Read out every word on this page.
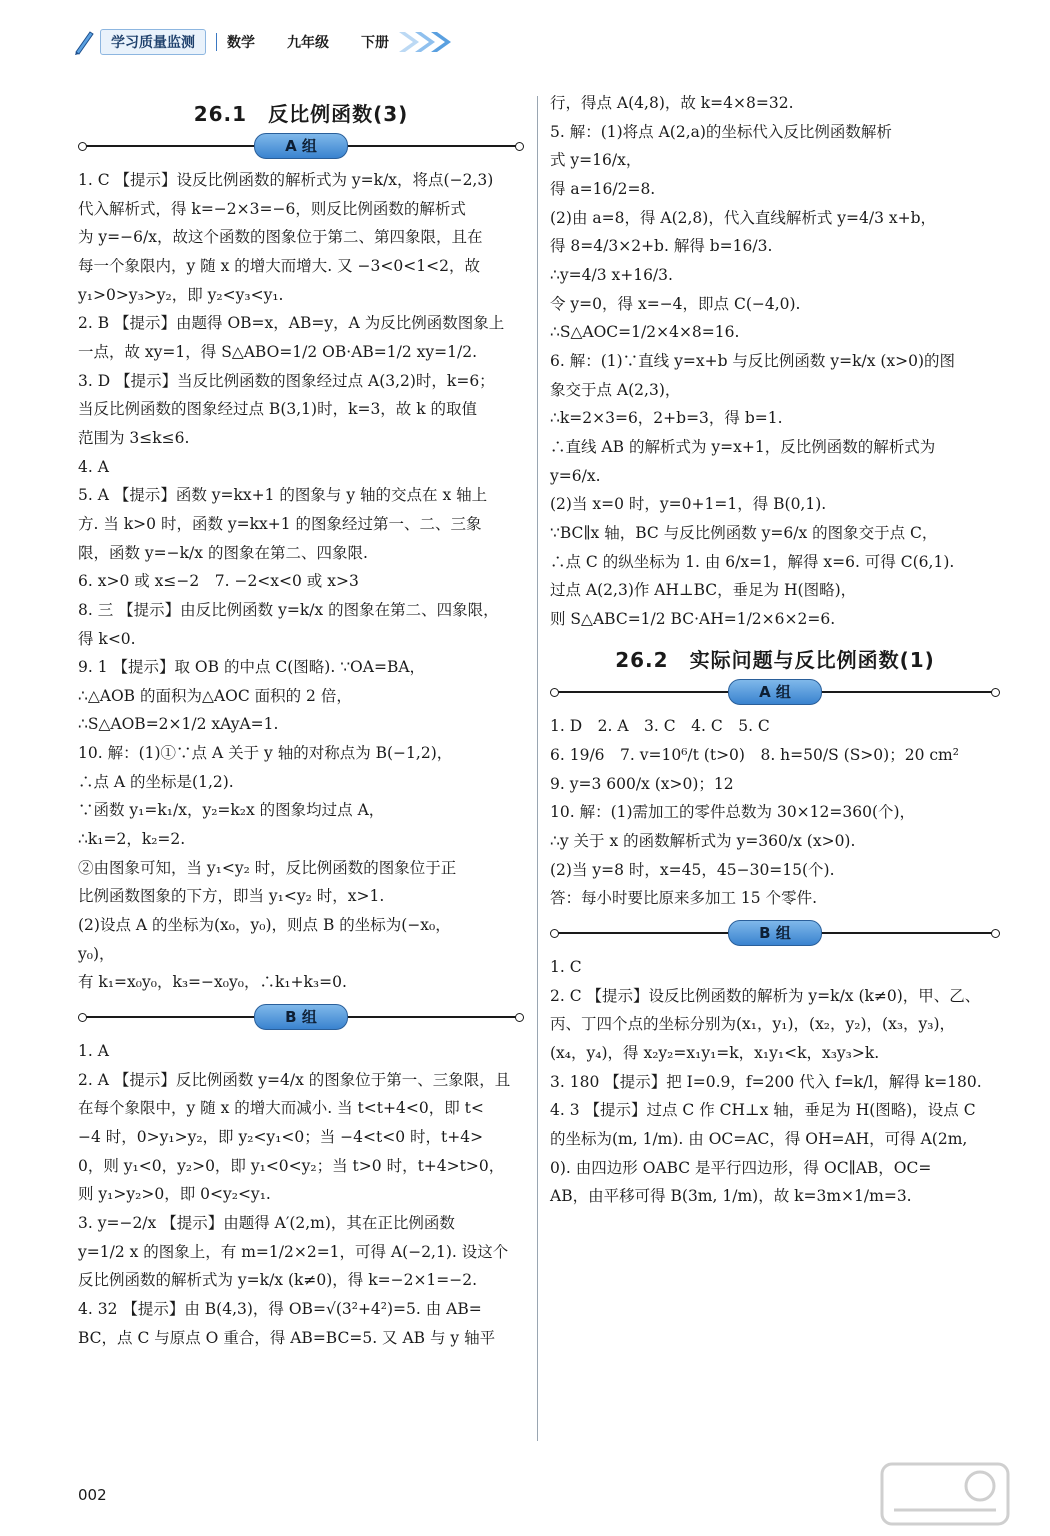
学习质量监测	数学 九年级 下册
26.1　反比例函数(3)
A 组
1. C 【提示】设反比例函数的解析式为 y=k/x，将点(−2,3)
代入解析式，得 k=−2×3=−6，则反比例函数的解析式
为 y=−6/x，故这个函数的图象位于第二、第四象限，且在
每一个象限内，y 随 x 的增大而增大. 又 −3<0<1<2，故
y₁>0>y₃>y₂，即 y₂<y₃<y₁.
2. B 【提示】由题得 OB=x，AB=y，A 为反比例函数图象上
一点，故 xy=1，得 S△ABO=1/2 OB·AB=1/2 xy=1/2.
3. D 【提示】当反比例函数的图象经过点 A(3,2)时，k=6；
当反比例函数的图象经过点 B(3,1)时，k=3，故 k 的取值
范围为 3≤k≤6.
4. A
5. A 【提示】函数 y=kx+1 的图象与 y 轴的交点在 x 轴上
方. 当 k>0 时，函数 y=kx+1 的图象经过第一、二、三象
限，函数 y=−k/x 的图象在第二、四象限.
6. x>0 或 x≤−2　7. −2<x<0 或 x>3
8. 三 【提示】由反比例函数 y=k/x 的图象在第二、四象限，
得 k<0.
9. 1 【提示】取 OB 的中点 C(图略). ∵OA=BA，
∴△AOB 的面积为△AOC 面积的 2 倍，
∴S△AOB=2×1/2 xAyA=1.
10. 解：(1)①∵点 A 关于 y 轴的对称点为 B(−1,2)，
∴点 A 的坐标是(1,2).
∵函数 y₁=k₁/x，y₂=k₂x 的图象均过点 A，
∴k₁=2，k₂=2.
②由图象可知，当 y₁<y₂ 时，反比例函数的图象位于正
比例函数图象的下方，即当 y₁<y₂ 时，x>1.
(2)设点 A 的坐标为(x₀，y₀)，则点 B 的坐标为(−x₀，
y₀)，
有 k₁=x₀y₀，k₃=−x₀y₀，∴k₁+k₃=0.
B 组
1. A
2. A 【提示】反比例函数 y=4/x 的图象位于第一、三象限，且
在每个象限中，y 随 x 的增大而减小. 当 t<t+4<0，即 t<
−4 时，0>y₁>y₂，即 y₂<y₁<0；当 −4<t<0 时，t+4>
0，则 y₁<0，y₂>0，即 y₁<0<y₂；当 t>0 时，t+4>t>0，
则 y₁>y₂>0，即 0<y₂<y₁.
3. y=−2/x 【提示】由题得 A′(2,m)，其在正比例函数
y=1/2 x 的图象上，有 m=1/2×2=1，可得 A(−2,1). 设这个
反比例函数的解析式为 y=k/x (k≠0)，得 k=−2×1=−2.
4. 32 【提示】由 B(4,3)，得 OB=√(3²+4²)=5. 由 AB=
BC，点 C 与原点 O 重合，得 AB=BC=5. 又 AB 与 y 轴平
行，得点 A(4,8)，故 k=4×8=32.
5. 解：(1)将点 A(2,a)的坐标代入反比例函数解析
式 y=16/x，
得 a=16/2=8.
(2)由 a=8，得 A(2,8)，代入直线解析式 y=4/3 x+b，
得 8=4/3×2+b. 解得 b=16/3.
∴y=4/3 x+16/3.
令 y=0，得 x=−4，即点 C(−4,0).
∴S△AOC=1/2×4×8=16.
6. 解：(1)∵直线 y=x+b 与反比例函数 y=k/x (x>0)的图
象交于点 A(2,3)，
∴k=2×3=6，2+b=3，得 b=1.
∴直线 AB 的解析式为 y=x+1，反比例函数的解析式为
y=6/x.
(2)当 x=0 时，y=0+1=1，得 B(0,1).
∵BC∥x 轴，BC 与反比例函数 y=6/x 的图象交于点 C，
∴点 C 的纵坐标为 1. 由 6/x=1，解得 x=6. 可得 C(6,1).
过点 A(2,3)作 AH⊥BC，垂足为 H(图略)，
则 S△ABC=1/2 BC·AH=1/2×6×2=6.
26.2　实际问题与反比例函数(1)
A 组
1. D　2. A　3. C　4. C　5. C
6. 19/6　7. v=10⁶/t (t>0)　8. h=50/S (S>0)；20 cm²
9. y=3 600/x (x>0)；12
10. 解：(1)需加工的零件总数为 30×12=360(个)，
∴y 关于 x 的函数解析式为 y=360/x (x>0).
(2)当 y=8 时，x=45，45−30=15(个).
答：每小时要比原来多加工 15 个零件.
B 组
1. C
2. C 【提示】设反比例函数的解析为 y=k/x (k≠0)，甲、乙、
丙、丁四个点的坐标分别为(x₁，y₁)，(x₂，y₂)，(x₃，y₃)，
(x₄，y₄)，得 x₂y₂=x₁y₁=k，x₁y₁<k，x₃y₃>k.
3. 180 【提示】把 I=0.9，f=200 代入 f=k/l，解得 k=180.
4. 3 【提示】过点 C 作 CH⊥x 轴，垂足为 H(图略)，设点 C
的坐标为(m, 1/m). 由 OC=AC，得 OH=AH，可得 A(2m,
0). 由四边形 OABC 是平行四边形，得 OC∥AB，OC=
AB，由平移可得 B(3m, 1/m)，故 k=3m×1/m=3.
002
